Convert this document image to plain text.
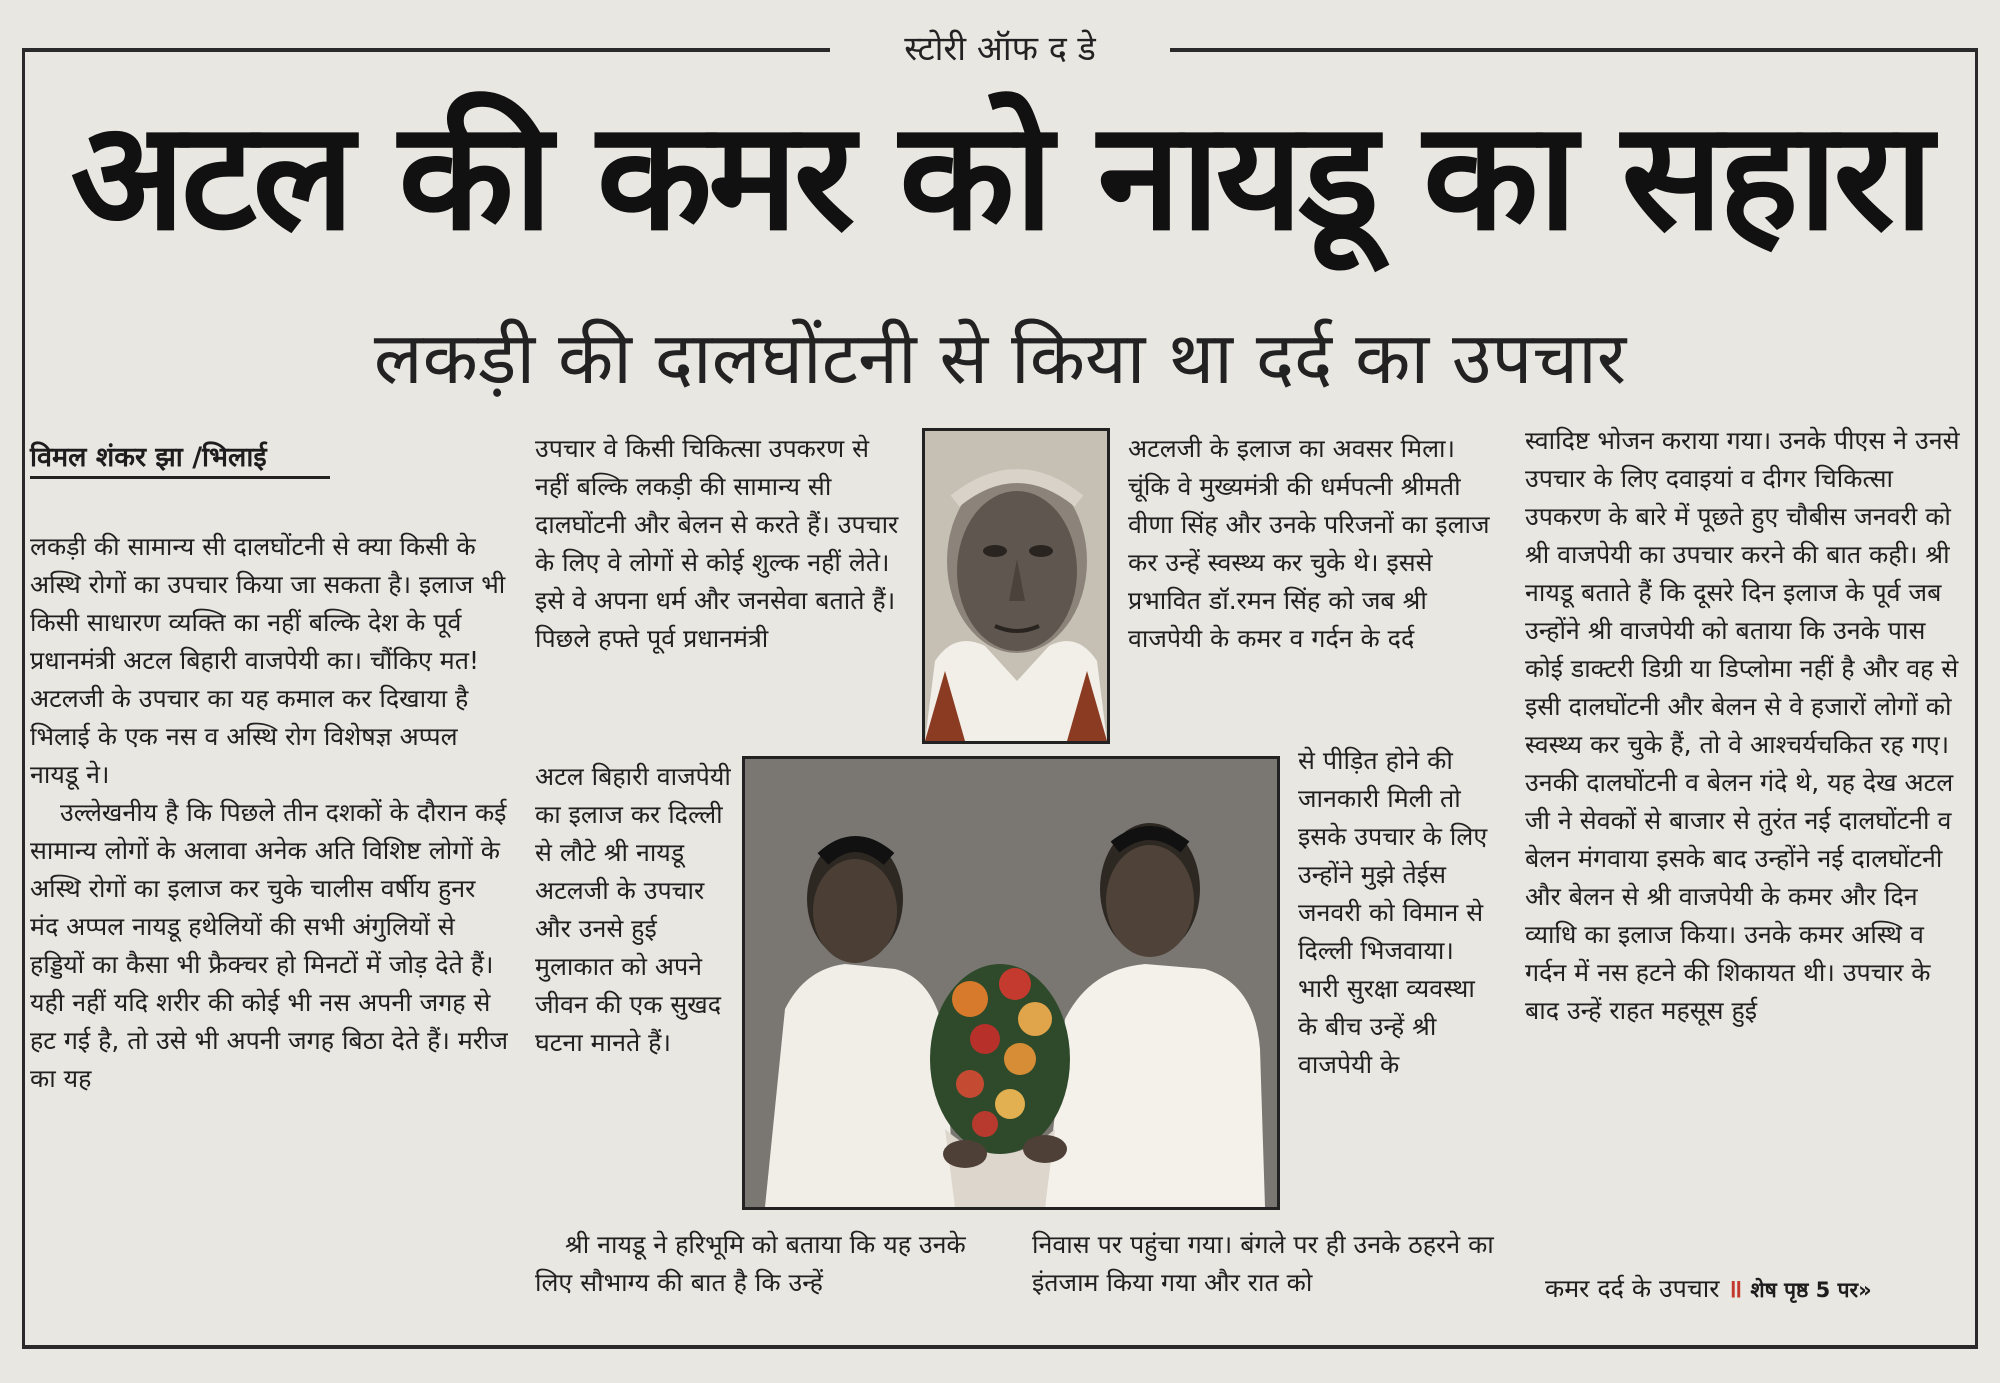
स्टोरी ऑफ द डे
अटल की कमर को नायडू का सहारा
लकड़ी की दालघोंटनी से किया था दर्द का उपचार
विमल शंकर झा /भिलाई

लकड़ी की सामान्य सी दालघोंटनी से क्या किसी के अस्थि रोगों का उपचार किया जा सकता है। इलाज भी किसी साधारण व्यक्ति का नहीं बल्कि देश के पूर्व प्रधानमंत्री अटल बिहारी वाजपेयी का। चौंकिए मत! अटलजी के उपचार का यह कमाल कर दिखाया है भिलाई के एक नस व अस्थि रोग विशेषज्ञ अप्पल नायडू ने।

उल्लेखनीय है कि पिछले तीन दशकों के दौरान कई सामान्य लोगों के अलावा अनेक अति विशिष्ट लोगों के अस्थि रोगों का इलाज कर चुके चालीस वर्षीय हुनर मंद अप्पल नायडू हथेलियों की सभी अंगुलियों से हड्डियों का कैसा भी फ्रैक्चर हो मिनटों में जोड़ देते हैं। यही नहीं यदि शरीर की कोई भी नस अपनी जगह से हट गई है, तो उसे भी अपनी जगह बिठा देते हैं। मरीज का यह

उपचार वे किसी चिकित्सा उपकरण से नहीं बल्कि लकड़ी की सामान्य सी दालघोंटनी और बेलन से करते हैं। उपचार के लिए वे लोगों से कोई शुल्क नहीं लेते। इसे वे अपना धर्म और जनसेवा बताते हैं। पिछले हफ्ते पूर्व प्रधानमंत्री
अटल बिहारी वाजपेयी का इलाज कर दिल्ली से लौटे श्री नायडू अटलजी के उपचार और उनसे हुई मुलाकात को अपने जीवन की एक सुखद घटना मानते हैं।
श्री नायडू ने हरिभूमि को बताया कि यह उनके लिए सौभाग्य की बात है कि उन्हें
अटलजी के इलाज का अवसर मिला। चूंकि वे मुख्यमंत्री की धर्मपत्नी श्रीमती वीणा सिंह और उनके परिजनों का इलाज कर उन्हें स्वस्थ्य कर चुके थे। इससे प्रभावित डॉ.रमन सिंह को जब श्री वाजपेयी के कमर व गर्दन के दर्द
से पीड़ित होने की जानकारी मिली तो इसके उपचार के लिए उन्होंने मुझे तेईस जनवरी को विमान से दिल्ली भिजवाया। भारी सुरक्षा व्यवस्था के बीच उन्हें श्री वाजपेयी के
निवास पर पहुंचा गया। बंगले पर ही उनके ठहरने का इंतजाम किया गया और रात को
स्वादिष्ट भोजन कराया गया। उनके पीएस ने उनसे उपचार के लिए दवाइयां व दीगर चिकित्सा उपकरण के बारे में पूछते हुए चौबीस जनवरी को श्री वाजपेयी का उपचार करने की बात कही। श्री नायडू बताते हैं कि दूसरे दिन इलाज के पूर्व जब उन्होंने श्री वाजपेयी को बताया कि उनके पास कोई डाक्टरी डिग्री या डिप्लोमा नहीं है और वह से इसी दालघोंटनी और बेलन से वे हजारों लोगों को स्वस्थ्य कर चुके हैं, तो वे आश्चर्यचकित रह गए। उनकी दालघोंटनी व बेलन गंदे थे, यह देख अटल जी ने सेवकों से बाजार से तुरंत नई दालघोंटनी व बेलन मंगवाया इसके बाद उन्होंने नई दालघोंटनी और बेलन से श्री वाजपेयी के कमर और दिन व्याधि का इलाज किया। उनके कमर अस्थि व गर्दन में नस हटने की शिकायत थी। उपचार के बाद उन्हें राहत महसूस हुई
कमर दर्द के उपचार ॥ शेष पृष्ठ 5 पर»
